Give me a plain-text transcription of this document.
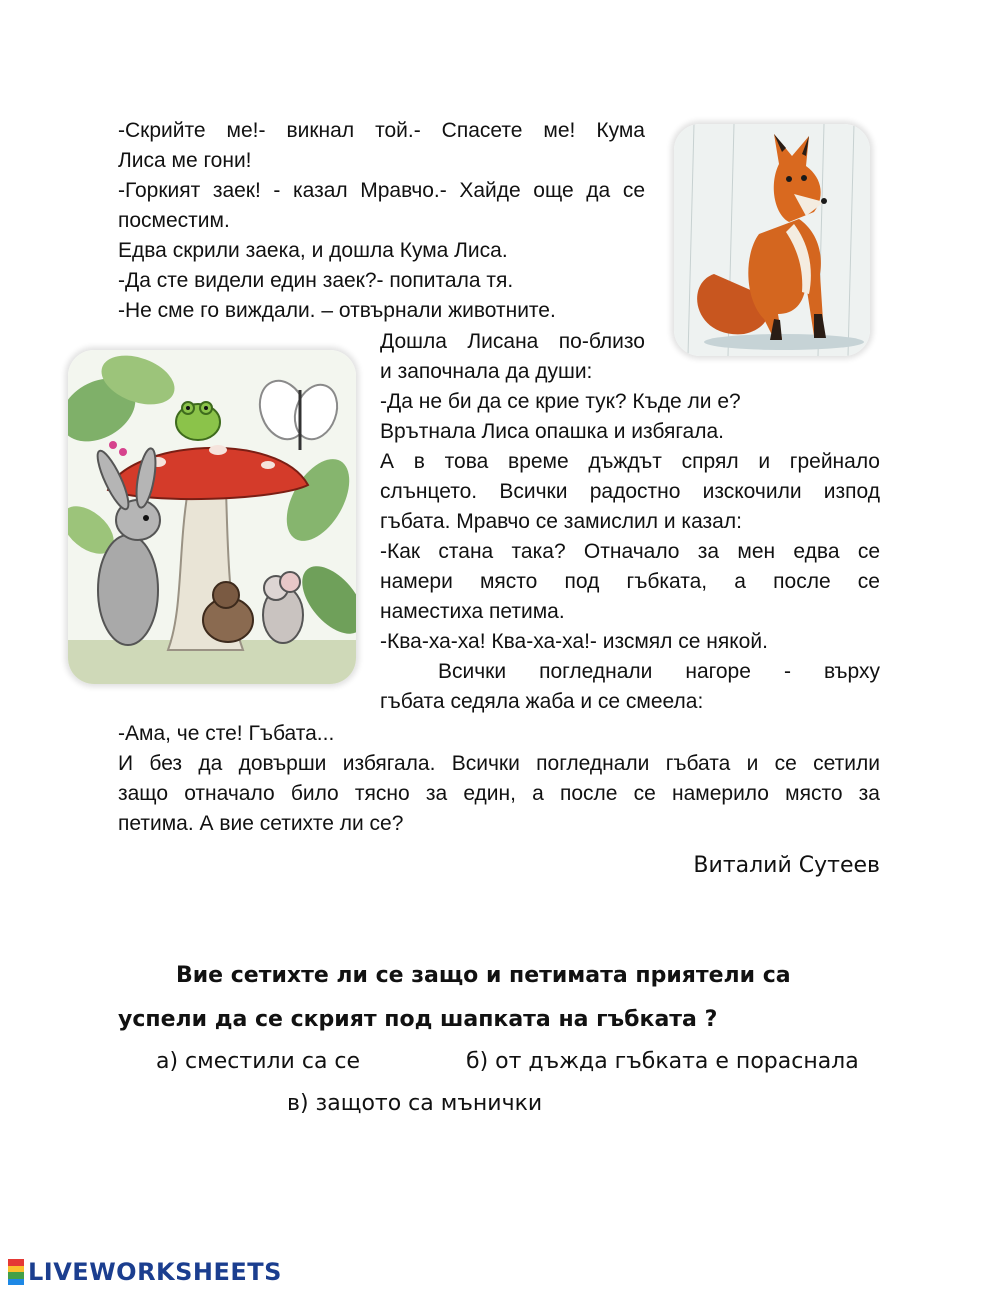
-Скрийте ме!- викнал той.- Спасете ме! Кума
Лиса ме гони!
-Горкият заек! - казал Мравчо.- Хайде още да се
посместим.
Едва скрили заека, и дошла Кума Лиса.
-Да сте видели един заек?- попитала тя.
-Не сме го виждали. – отвърнали животните.
Дошла Лисана по-близо
и започнала да души:
-Да не би да се крие тук? Къде ли е?
Врътнала Лиса опашка и избягала.
А в това време дъждът спрял и грейнало
слънцето. Всички радостно изскочили изпод
гъбата. Мравчо се замислил и казал:
-Как стана така? Отначало за мен едва се
намери място под гъбката, а после се
наместиха петима.
-Ква-ха-ха! Ква-ха-ха!- изсмял се някой.
Всички погледнали нагоре - върху
гъбата седяла жаба и се смеела:
-Ама, че сте! Гъбата...
И без да довърши избягала. Всички погледнали гъбата и се сетили
защо отначало било тясно за един, а после се намерило място за
петима. А вие сетихте ли се?
Виталий Сутеев
Вие сетихте ли се защо и петимата приятели са
успели да се скрият под шапката на гъбката ?
а) сместили са се	б) от дъжда гъбката е пораснала
в) защото са мънички
LIVEWORKSHEETS
